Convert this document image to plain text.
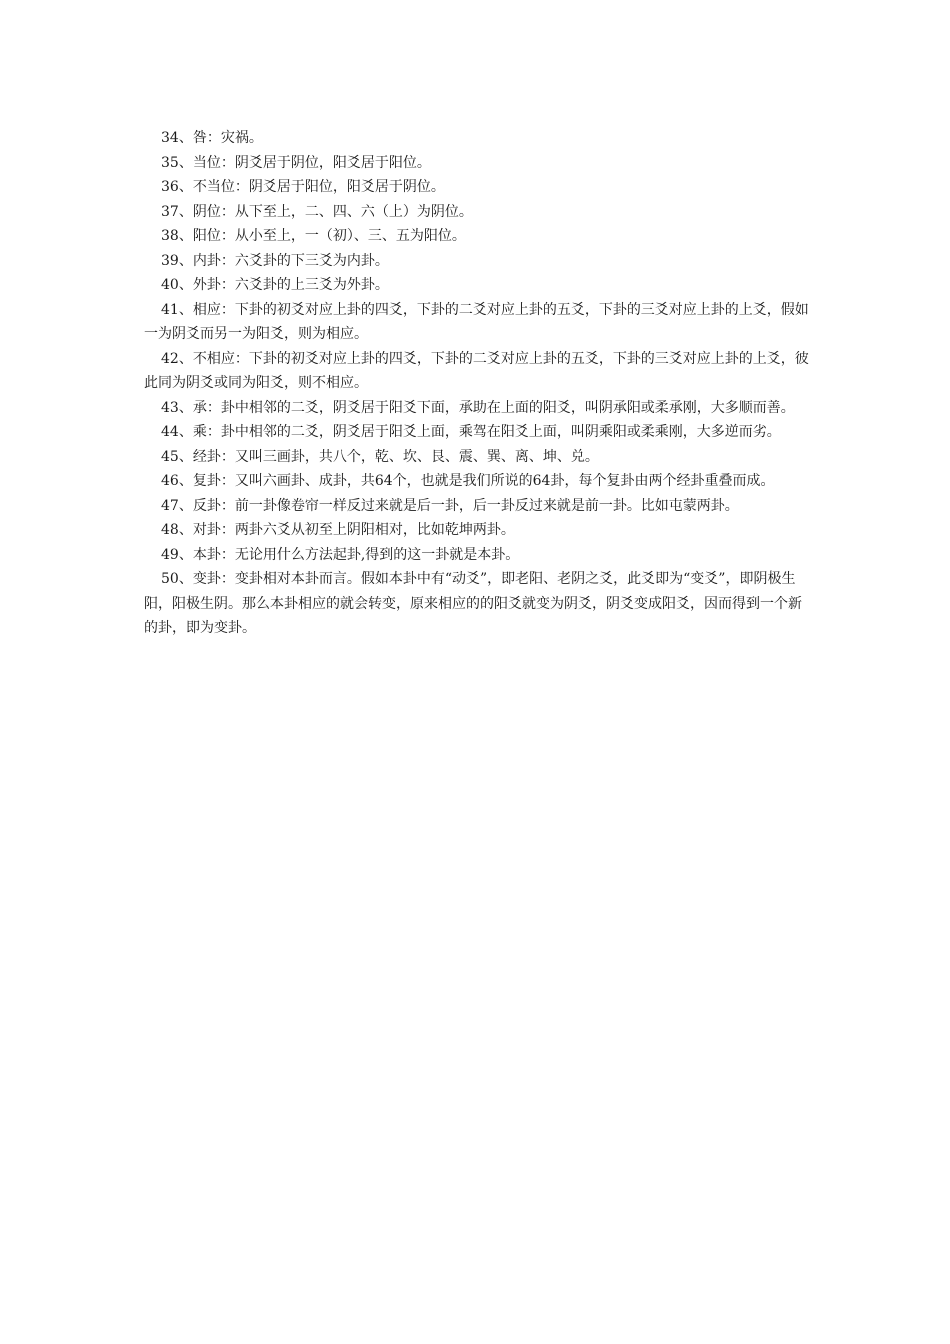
34、咎：灾祸。

35、当位：阴爻居于阴位，阳爻居于阳位。

36、不当位：阴爻居于阳位，阳爻居于阴位。

37、阴位：从下至上，二、四、六（上）为阴位。

38、阳位：从小至上，一（初）、三、五为阳位。

39、内卦：六爻卦的下三爻为内卦。

40、外卦：六爻卦的上三爻为外卦。

41、相应：下卦的初爻对应上卦的四爻，下卦的二爻对应上卦的五爻，下卦的三爻对应上卦的上爻，假如一为阴爻而另一为阳爻，则为相应。

42、不相应：下卦的初爻对应上卦的四爻，下卦的二爻对应上卦的五爻，下卦的三爻对应上卦的上爻，彼此同为阴爻或同为阳爻，则不相应。

43、承：卦中相邻的二爻，阴爻居于阳爻下面，承助在上面的阳爻，叫阴承阳或柔承刚，大多顺而善。

44、乘：卦中相邻的二爻，阴爻居于阳爻上面，乘驾在阳爻上面，叫阴乘阳或柔乘刚，大多逆而劣。

45、经卦：又叫三画卦，共八个，乾、坎、艮、震、巽、离、坤、兑。

46、复卦：又叫六画卦、成卦，共64个，也就是我们所说的64卦，每个复卦由两个经卦重叠而成。

47、反卦：前一卦像卷帘一样反过来就是后一卦，后一卦反过来就是前一卦。比如屯蒙两卦。

48、对卦：两卦六爻从初至上阴阳相对，比如乾坤两卦。

49、本卦：无论用什么方法起卦,得到的这一卦就是本卦。

50、变卦：变卦相对本卦而言。假如本卦中有“动爻”，即老阳、老阴之爻，此爻即为“变爻”，即阴极生阳，阳极生阴。那么本卦相应的就会转变，原来相应的的阳爻就变为阴爻，阴爻变成阳爻，因而得到一个新的卦，即为变卦。
